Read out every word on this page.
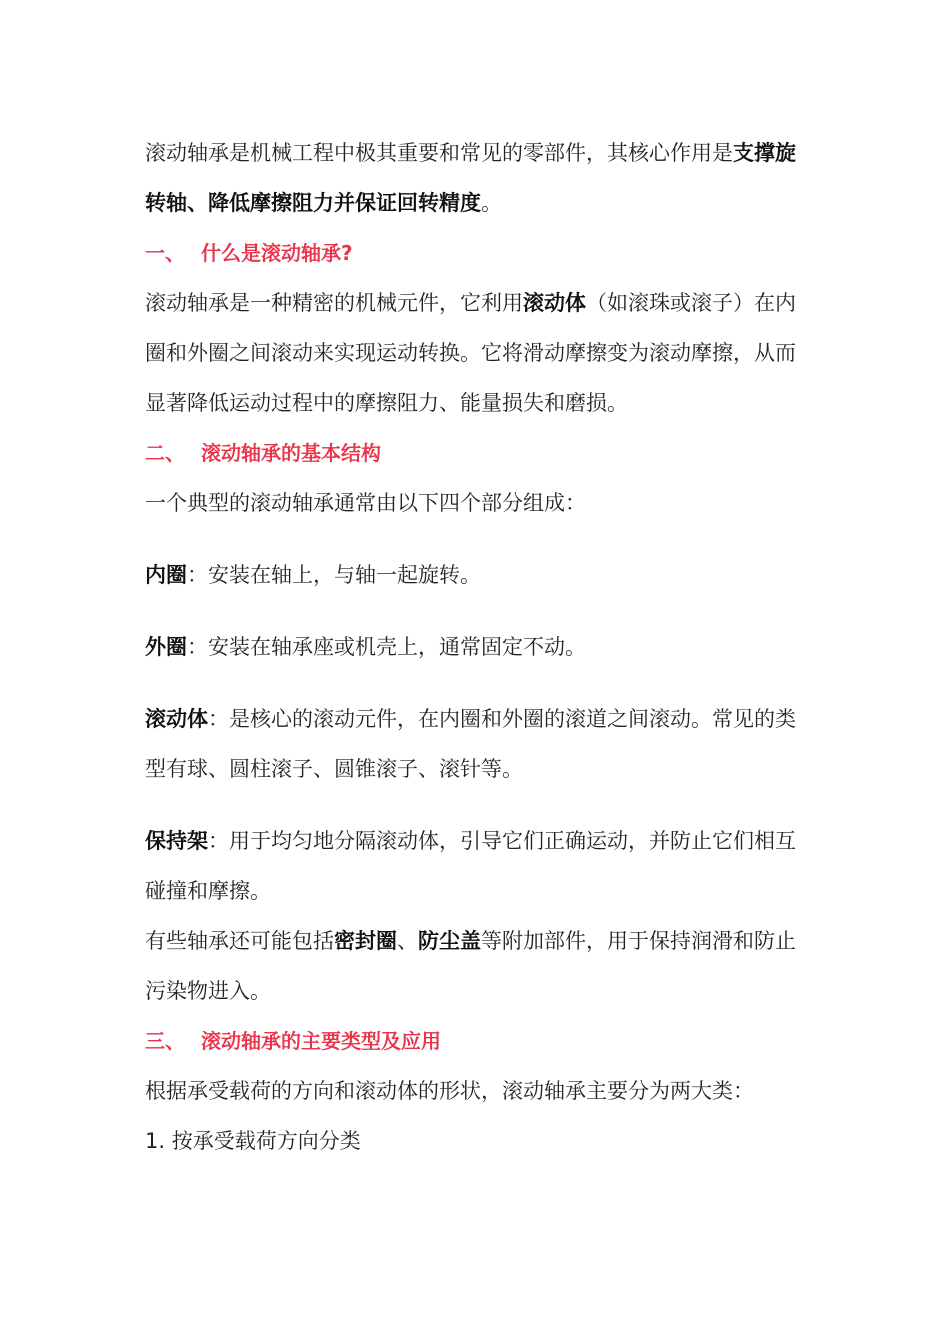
滚动轴承是机械工程中极其重要和常见的零部件，其核心作用是支撑旋转轴、降低摩擦阻力并保证回转精度。

一、 什么是滚动轴承?

滚动轴承是一种精密的机械元件，它利用滚动体（如滚珠或滚子）在内圈和外圈之间滚动来实现运动转换。它将滑动摩擦变为滚动摩擦，从而显著降低运动过程中的摩擦阻力、能量损失和磨损。

二、 滚动轴承的基本结构

一个典型的滚动轴承通常由以下四个部分组成：

内圈：安装在轴上，与轴一起旋转。

外圈：安装在轴承座或机壳上，通常固定不动。

滚动体：是核心的滚动元件，在内圈和外圈的滚道之间滚动。常见的类型有球、圆柱滚子、圆锥滚子、滚针等。

保持架：用于均匀地分隔滚动体，引导它们正确运动，并防止它们相互碰撞和摩擦。

有些轴承还可能包括密封圈、防尘盖等附加部件，用于保持润滑和防止污染物进入。

三、 滚动轴承的主要类型及应用

根据承受载荷的方向和滚动体的形状，滚动轴承主要分为两大类：

1. 按承受载荷方向分类
